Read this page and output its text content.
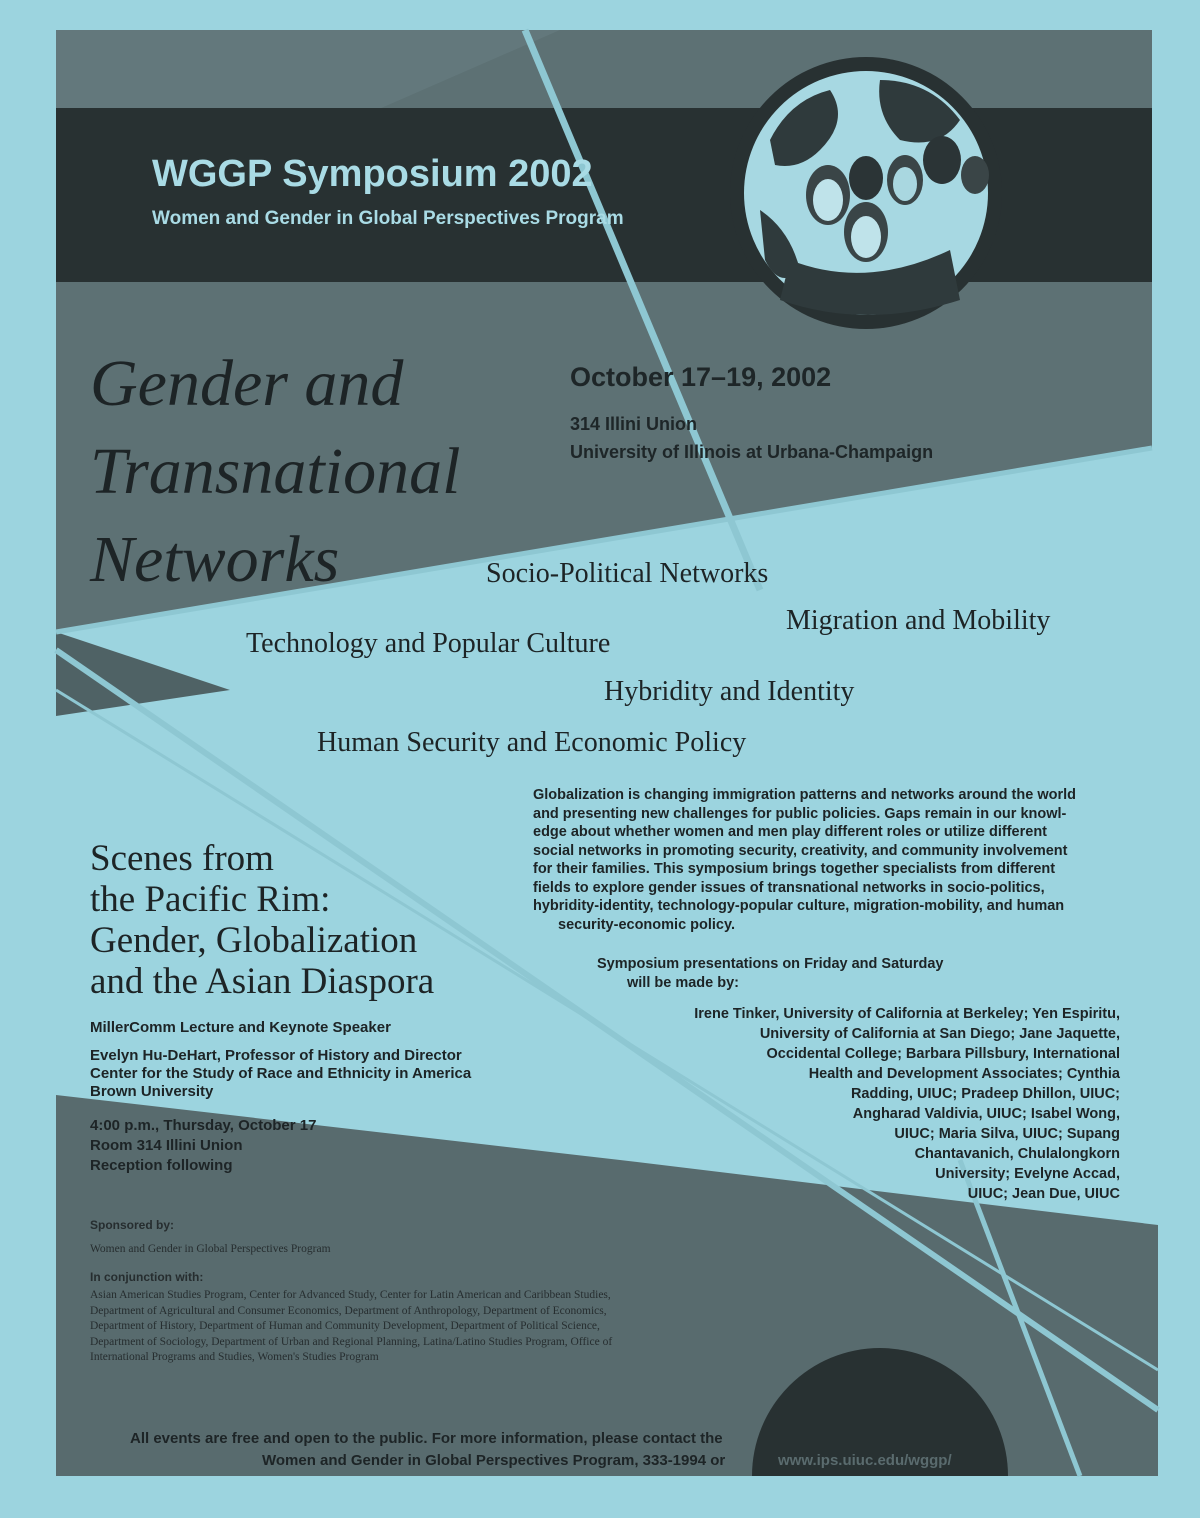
WGGP Symposium 2002
Women and Gender in Global Perspectives Program
Gender and
Transnational
Networks
October 17–19, 2002
314 Illini Union
University of Illinois at Urbana-Champaign
Socio-Political Networks
Migration and Mobility
Technology and Popular Culture
Hybridity and Identity
Human Security and Economic Policy
Globalization is changing immigration patterns and networks around the world
and presenting new challenges for public policies. Gaps remain in our knowl-
edge about whether women and men play different roles or utilize different
social networks in promoting security, creativity, and community involvement
for their families. This symposium brings together specialists from different
fields to explore gender issues of transnational networks in socio-politics,
hybridity-identity, technology-popular culture, migration-mobility, and human
security-economic policy.
Scenes from
the Pacific Rim:
Gender, Globalization
and the Asian Diaspora
MillerComm Lecture and Keynote Speaker
Evelyn Hu-DeHart, Professor of History and Director
Center for the Study of Race and Ethnicity in America
Brown University
4:00 p.m., Thursday, October 17
Room 314 Illini Union
Reception following
Symposium presentations on Friday and Saturday
will be made by:
Irene Tinker, University of California at Berkeley; Yen Espiritu,
University of California at San Diego; Jane Jaquette,
Occidental College; Barbara Pillsbury, International
Health and Development Associates; Cynthia
Radding, UIUC; Pradeep Dhillon, UIUC;
Angharad Valdivia, UIUC; Isabel Wong,
UIUC; Maria Silva, UIUC; Supang
Chantavanich, Chulalongkorn
University; Evelyne Accad,
UIUC; Jean Due, UIUC
Sponsored by:
Women and Gender in Global Perspectives Program
In conjunction with:
Asian American Studies Program, Center for Advanced Study, Center for Latin American and Caribbean Studies,
Department of Agricultural and Consumer Economics, Department of Anthropology, Department of Economics,
Department of History, Department of Human and Community Development, Department of Political Science,
Department of Sociology, Department of Urban and Regional Planning, Latina/Latino Studies Program, Office of
International Programs and Studies, Women's Studies Program
All events are free and open to the public. For more information, please contact the
Women and Gender in Global Perspectives Program, 333-1994 or	www.ips.uiuc.edu/wggp/
